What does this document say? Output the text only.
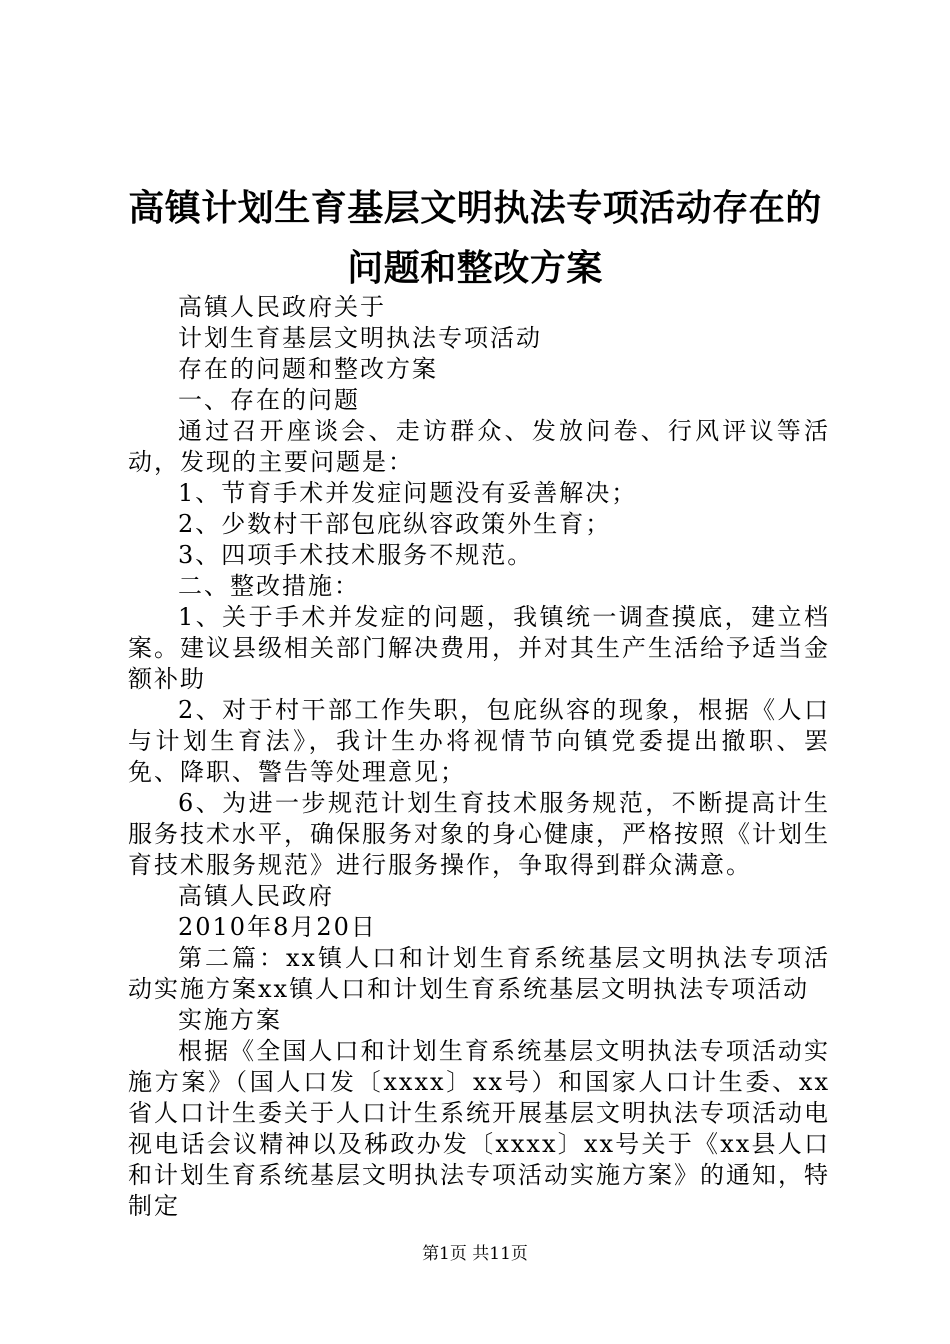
高镇计划生育基层文明执法专项活动存在的问题和整改方案

高镇人民政府关于

计划生育基层文明执法专项活动

存在的问题和整改方案

一、存在的问题

通过召开座谈会、走访群众、发放问卷、行风评议等活动，发现的主要问题是：

1、节育手术并发症问题没有妥善解决；

2、少数村干部包庇纵容政策外生育；

3、四项手术技术服务不规范。

二、整改措施：

1、关于手术并发症的问题，我镇统一调查摸底，建立档案。建议县级相关部门解决费用，并对其生产生活给予适当金额补助

2、对于村干部工作失职，包庇纵容的现象，根据《人口与计划生育法》，我计生办将视情节向镇党委提出撤职、罢免、降职、警告等处理意见；

6、为进一步规范计划生育技术服务规范，不断提高计生服务技术水平，确保服务对象的身心健康，严格按照《计划生育技术服务规范》进行服务操作，争取得到群众满意。

高镇人民政府

2010年8月20日

第二篇：xx镇人口和计划生育系统基层文明执法专项活动实施方案xx镇人口和计划生育系统基层文明执法专项活动

实施方案

根据《全国人口和计划生育系统基层文明执法专项活动实施方案》（国人口发〔xxxx〕xx号）和国家人口计生委、xx省人口计生委关于人口计生系统开展基层文明执法专项活动电视电话会议精神以及秭政办发〔xxxx〕xx号关于《xx县人口和计划生育系统基层文明执法专项活动实施方案》的通知，特制定

第1页 共11页
